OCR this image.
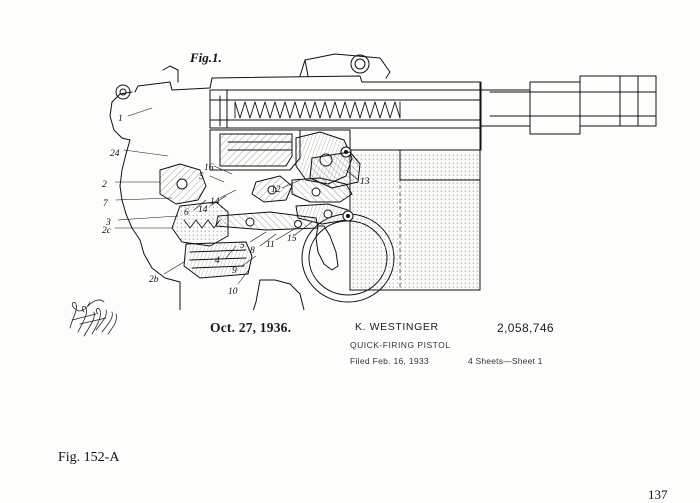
Fig.1.
1
24
2
7
3
2c
2b
10
9
4
5 8
11
15
14
6
14
5
16
12
13
Oct. 27, 1936.	K. WESTINGER
QUICK-FIRING PISTOL
Filed Feb. 16, 1933
2,058,746
4 Sheets—Sheet 1
Fig. 152-A
137
